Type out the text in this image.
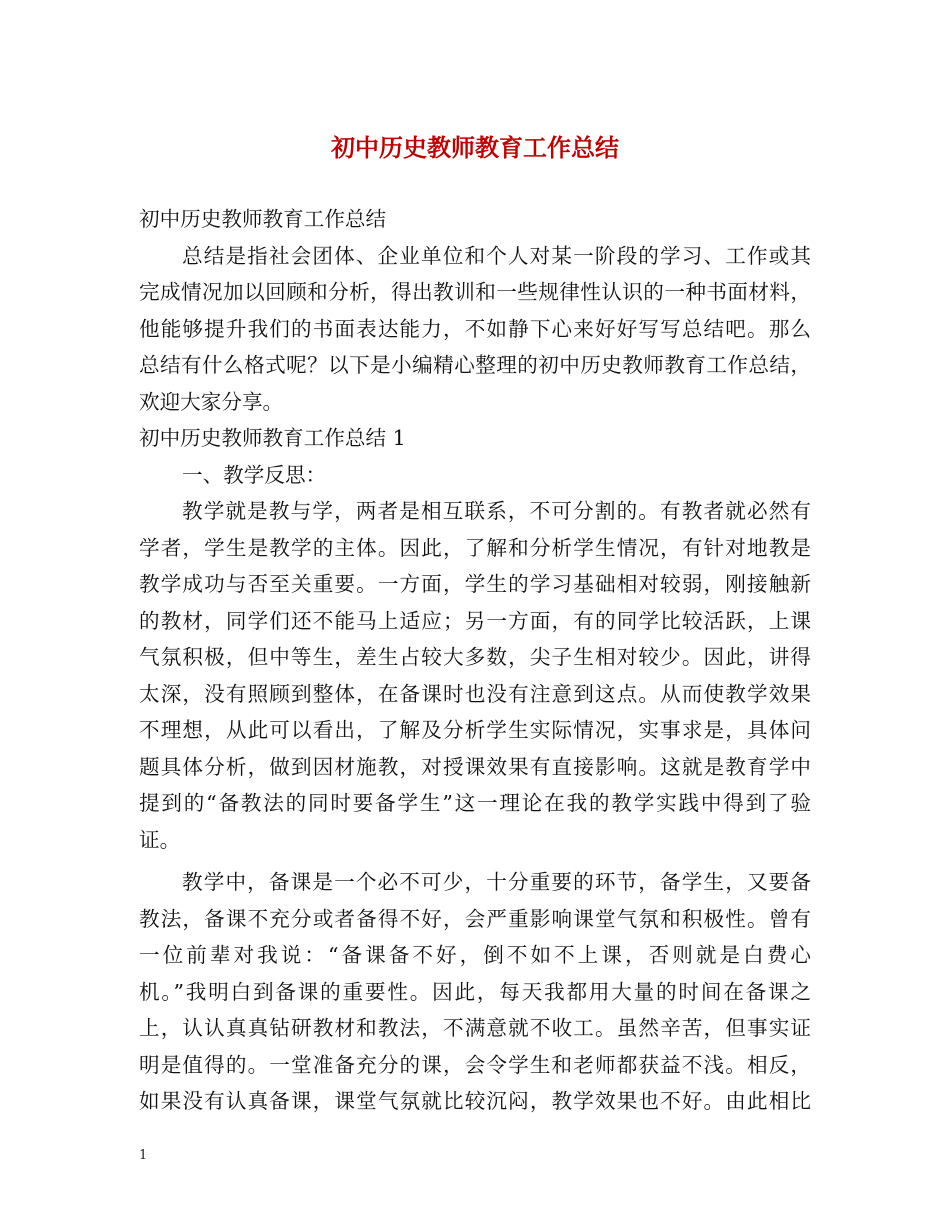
初中历史教师教育工作总结
初中历史教师教育工作总结
总结是指社会团体、企业单位和个人对某一阶段的学习、工作或其
完成情况加以回顾和分析，得出教训和一些规律性认识的一种书面材料，
他能够提升我们的书面表达能力，不如静下心来好好写写总结吧。那么
总结有什么格式呢？以下是小编精心整理的初中历史教师教育工作总结，
欢迎大家分享。
初中历史教师教育工作总结 1
一、教学反思：
教学就是教与学，两者是相互联系，不可分割的。有教者就必然有
学者，学生是教学的主体。因此，了解和分析学生情况，有针对地教是
教学成功与否至关重要。一方面，学生的学习基础相对较弱，刚接触新
的教材，同学们还不能马上适应；另一方面，有的同学比较活跃，上课
气氛积极，但中等生，差生占较大多数，尖子生相对较少。因此，讲得
太深，没有照顾到整体，在备课时也没有注意到这点。从而使教学效果
不理想，从此可以看出，了解及分析学生实际情况，实事求是，具体问
题具体分析，做到因材施教，对授课效果有直接影响。这就是教育学中
提到的“备教法的同时要备学生”这一理论在我的教学实践中得到了验
证。
教学中，备课是一个必不可少，十分重要的环节，备学生，又要备
教法，备课不充分或者备得不好，会严重影响课堂气氛和积极性。曾有
一位前辈对我说：“备课备不好，倒不如不上课，否则就是白费心
机。”我明白到备课的重要性。因此，每天我都用大量的时间在备课之
上，认认真真钻研教材和教法，不满意就不收工。虽然辛苦，但事实证
明是值得的。一堂准备充分的课，会令学生和老师都获益不浅。相反，
如果没有认真备课，课堂气氛就比较沉闷，教学效果也不好。由此相比
1
